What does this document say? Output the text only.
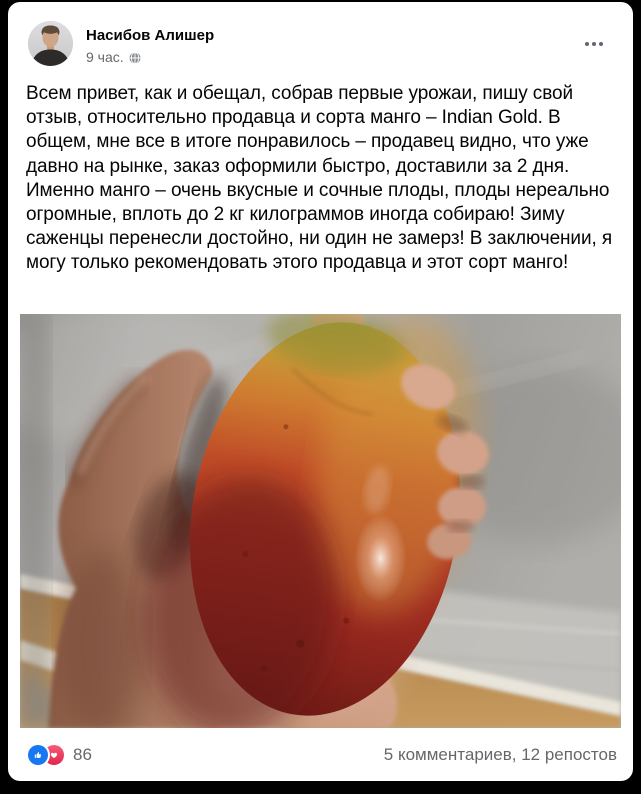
Насибов Алишер
9 час.
Всем привет, как и обещал, собрав первые урожаи, пишу свой отзыв, относительно продавца и сорта манго – Indian Gold. В общем, мне все в итоге понравилось – продавец видно, что уже давно на рынке, заказ оформили быстро, доставили за 2 дня. Именно манго – очень вкусные и сочные плоды, плоды нереально огромные, вплоть до 2 кг килограммов иногда собираю! Зиму саженцы перенесли достойно, ни один не замерз! В заключении, я могу только рекомендовать этого продавца и этот сорт манго!
86	5 комментариев, 12 репостов
